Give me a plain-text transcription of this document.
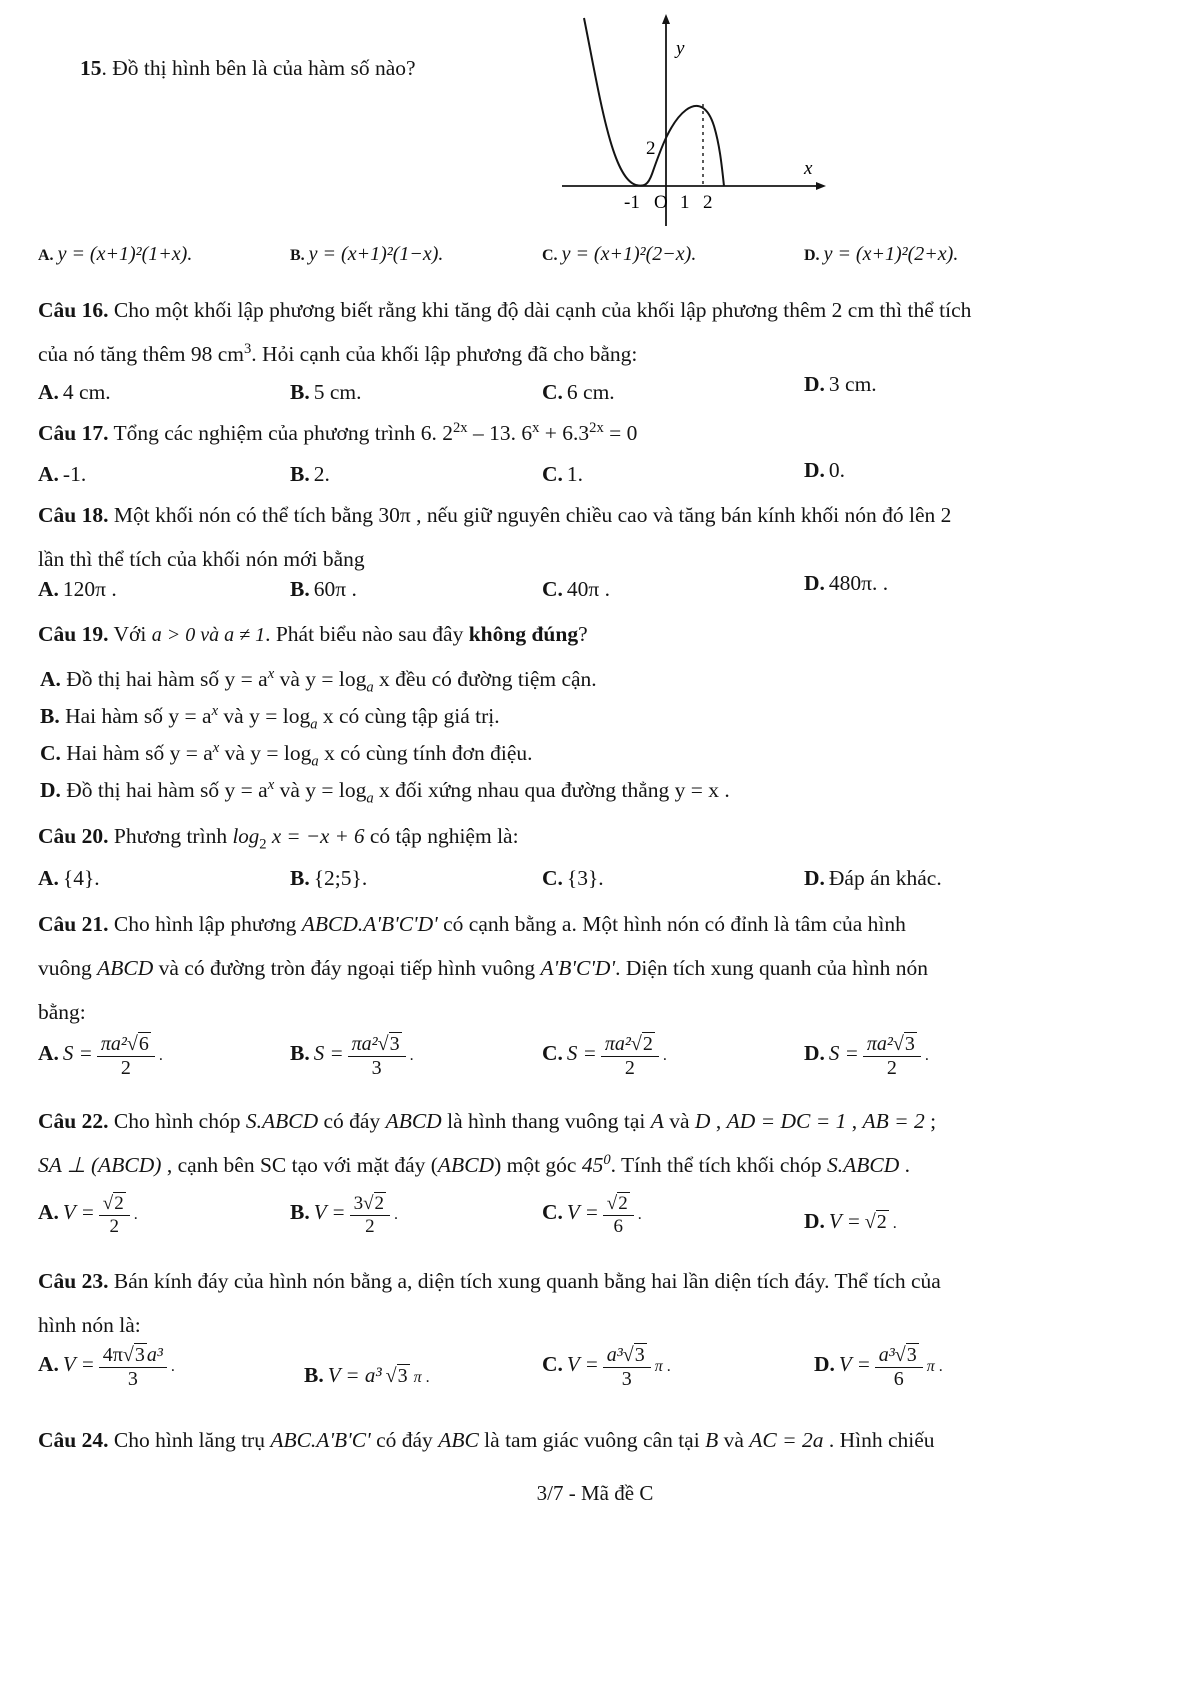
15. Đồ thị hình bên là của hàm số nào?
y
x
2
-1 O 1 2
A. y = (x+1)²(1+x).	B. y = (x+1)²(1−x).	C. y = (x+1)²(2−x).	D. y = (x+1)²(2+x).
Câu 16. Cho một khối lập phương biết rằng khi tăng độ dài cạnh của khối lập phương thêm 2 cm thì thể tích
của nó tăng thêm 98 $cm^3$. Hỏi cạnh của khối lập phương đã cho bằng:
A. 4 cm.	B. 5 cm.	C. 6 cm.	D. 3 cm.
Câu 17. Tổng các nghiệm của phương trình 6. $2^{2x} - 13$. $6^x + 6.3^{2x} = 0$
A. -1.	B. 2.	C. 1.	D. 0.
Câu 18. Một khối nón có thể tích bằng 30π , nếu giữ nguyên chiều cao và tăng bán kính khối nón đó lên 2
lần thì thể tích của khối nón mới bằng
A. 120π .	B. 60π .	C. 40π .	D. 480π. .
Câu 19. Với a > 0 và a ≠ 1. Phát biểu nào sau đây không đúng?
A. Đồ thị hai hàm số $y = a^x$ và $y = \log_a x$ đều có đường tiệm cận.
B. Hai hàm số $y = a^x$ và $y = \log_a x$ có cùng tập giá trị.
C. Hai hàm số $y = a^x$ và $y = \log_a x$ có cùng tính đơn điệu.
D. Đồ thị hai hàm số $y = a^x$ và $y = \log_a x$ đối xứng nhau qua đường thẳng y = x .
Câu 20. Phương trình $\log_2 x = -x + 6$ có tập nghiệm là:
A. {4}.	B. {2;5}.	C. {3}.	D. Đáp án khác.
Câu 21. Cho hình lập phương ABCD.A'B'C'D' có cạnh bằng a. Một hình nón có đỉnh là tâm của hình
vuông ABCD và có đường tròn đáy ngoại tiếp hình vuông A'B'C'D'. Diện tích xung quanh của hình nón
bằng:
A. $S = \frac{\text{πa²√6}}{2}$ .	B. $S = \frac{\text{πa²√3}}{3}$ .	C. $S = \frac{\text{πa²√2}}{2}$ .	D. $S = \frac{\text{πa²√3}}{2}$ .
Câu 22. Cho hình chóp S.ABCD có đáy ABCD là hình thang vuông tại A và D , AD = DC = 1 , AB = 2 ;
SA ⊥ (ABCD) , cạnh bên SC tạo với mặt đáy (ABCD) một góc $45^0$. Tính thể tích khối chóp S.ABCD .
A. $V = \frac{√2}{2}$ .	B. $V = \frac{3√2}{2}$ .	C. $V = \frac{√2}{6}$ .	D. V = √2 .
Câu 23. Bán kính đáy của hình nón bằng a, diện tích xung quanh bằng hai lần diện tích đáy. Thể tích của
hình nón là:
A. $V = \frac{\text{4π√3 a³}}{3}$ .	B. V = a³ √3 π .
C. $V = \frac{\text{a³√3}}{3}$ π .	D. $V = \frac{\text{a³√3}}{6}$ π .
Câu 24. Cho hình lăng trụ ABC.A'B'C' có đáy ABC là tam giác vuông cân tại B và AC = 2a . Hình chiếu
3/7 - Mã đề C
